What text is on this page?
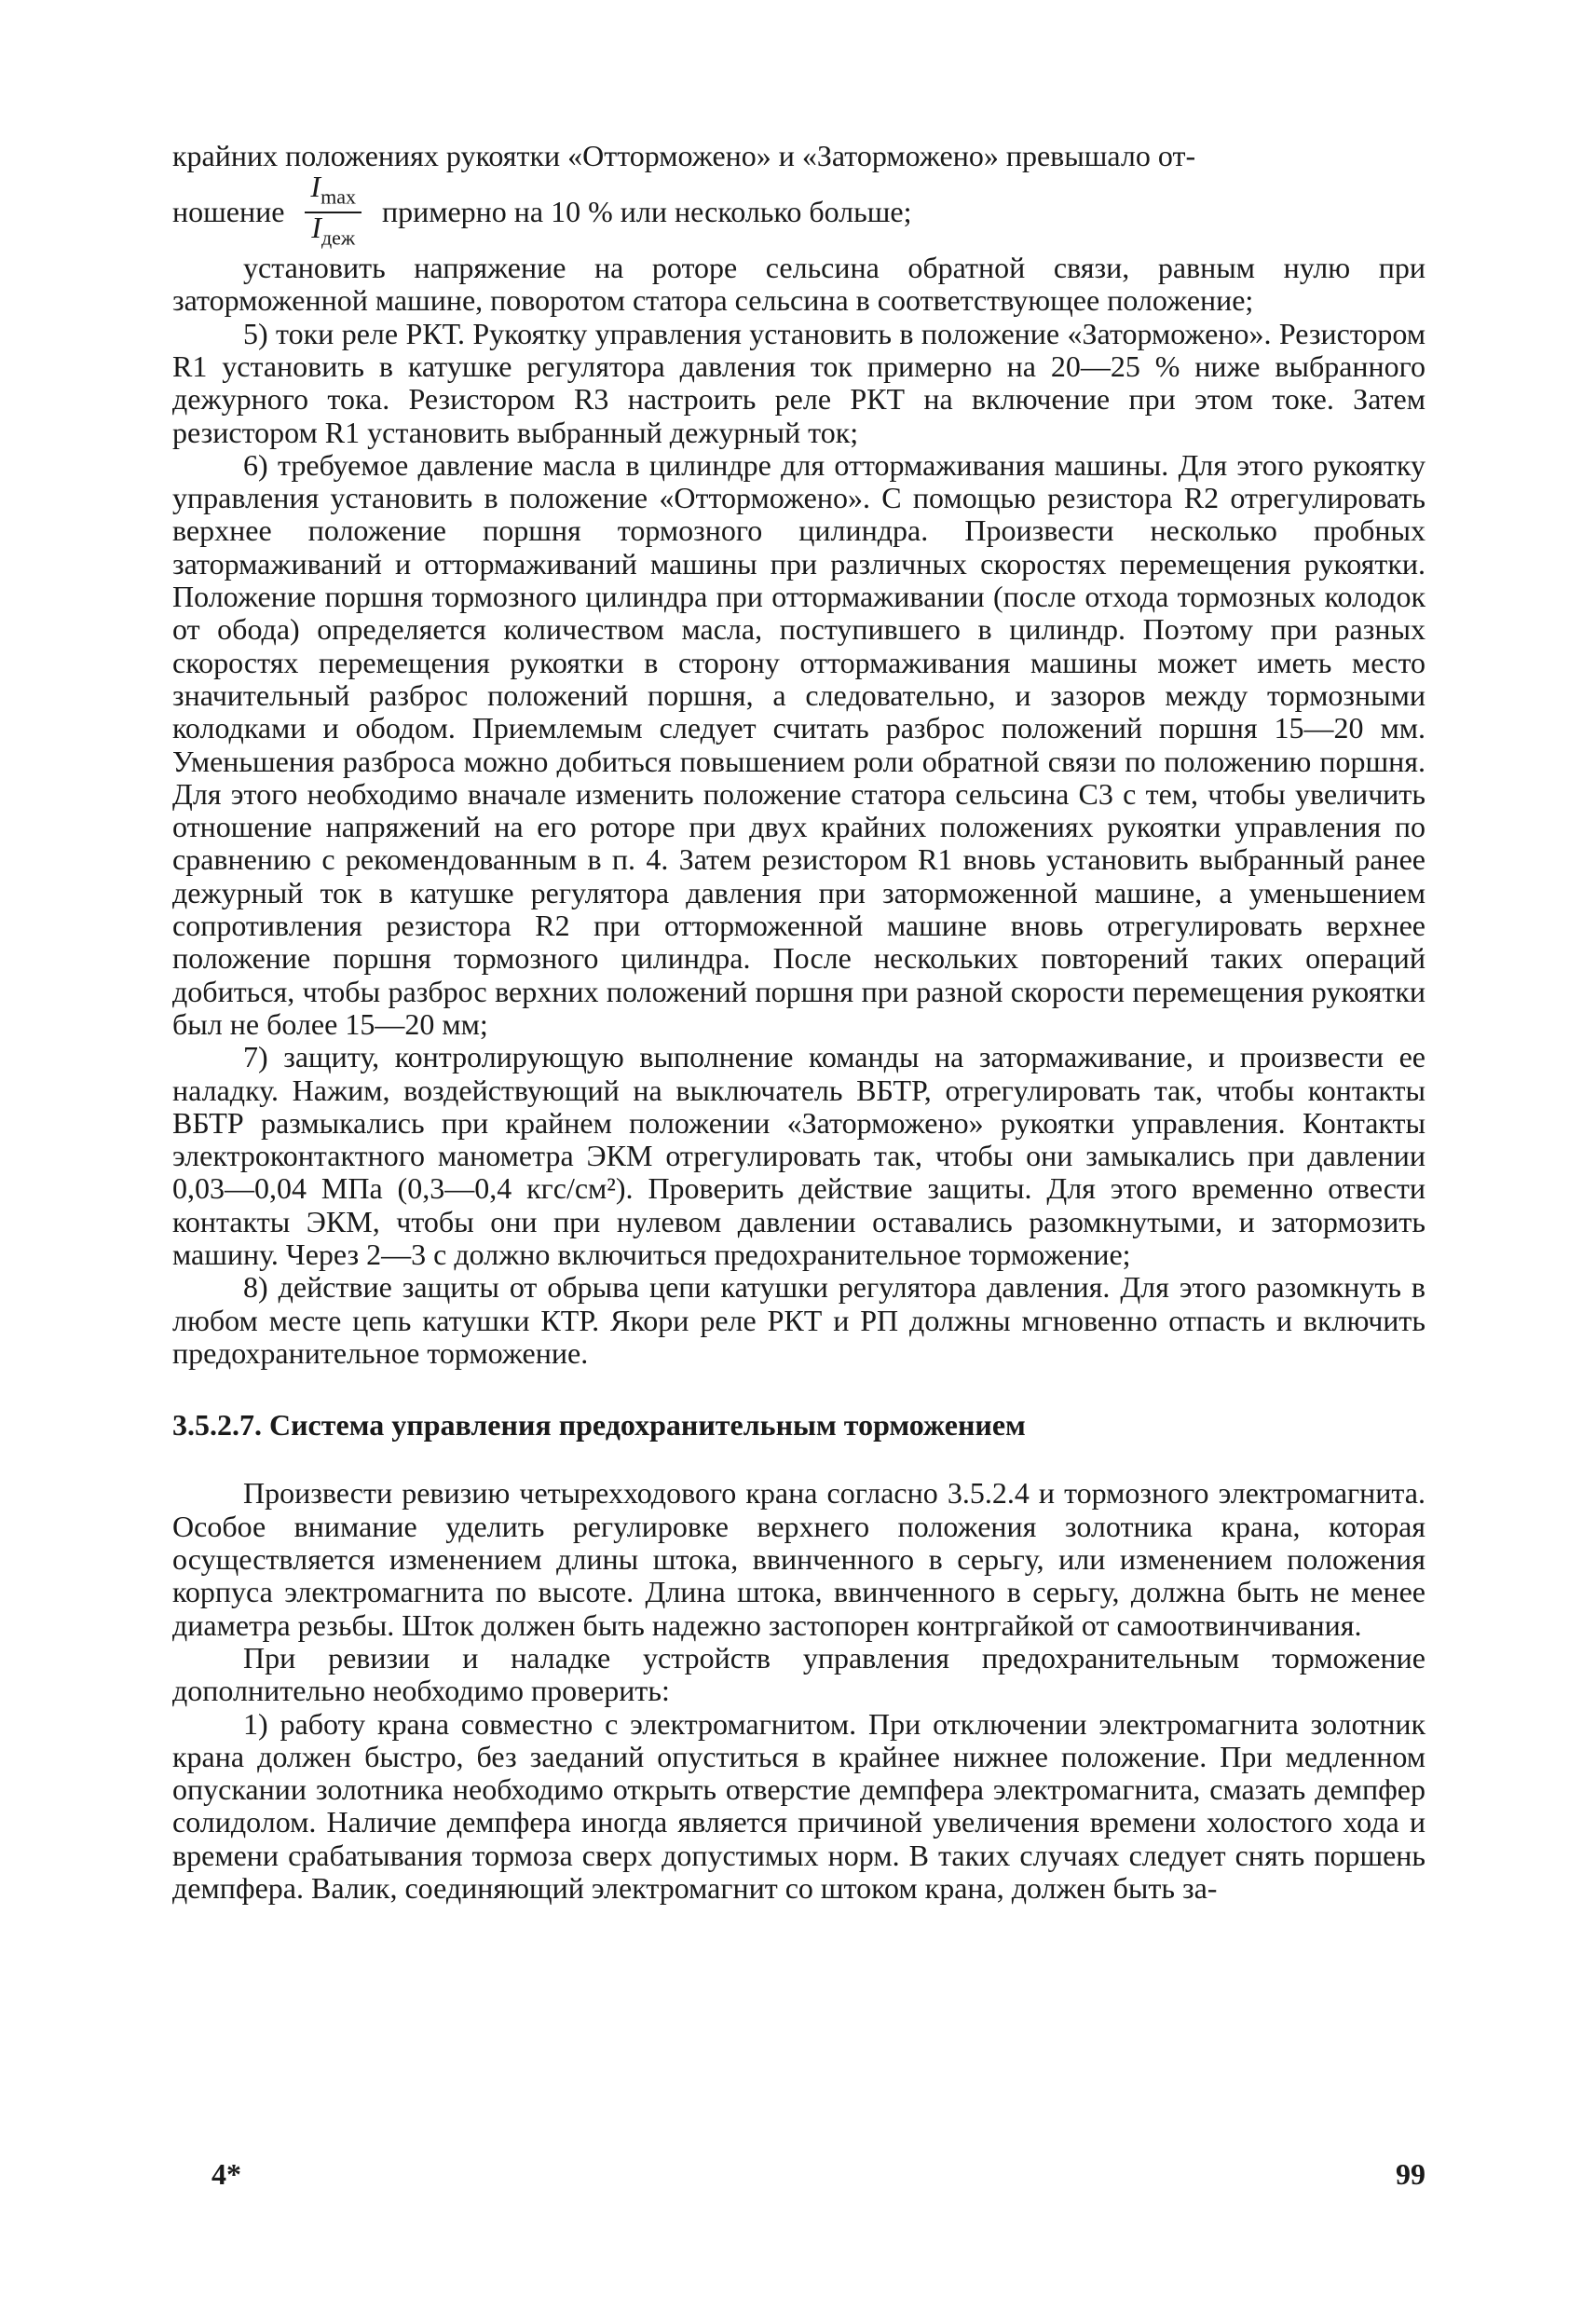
крайних положениях рукоятки «Отторможено» и «Заторможено» превышало от-

ношение $\frac{I_{max}}{I_{деж}}$ примерно на 10 % или несколько больше;

установить напряжение на роторе сельсина обратной связи, равным нулю при заторможенной машине, поворотом статора сельсина в соответствующее положение;

5) токи реле РКТ. Рукоятку управления установить в положение «Заторможено». Резистором R1 установить в катушке регулятора давления ток примерно на 20—25 % ниже выбранного дежурного тока. Резистором R3 настроить реле РКТ на включение при этом токе. Затем резистором R1 установить выбранный дежурный ток;

6) требуемое давление масла в цилиндре для оттормаживания машины. Для этого рукоятку управления установить в положение «Отторможено». С помощью резистора R2 отрегулировать верхнее положение поршня тормозного цилиндра. Произвести несколько пробных затормаживаний и оттормаживаний машины при различных скоростях перемещения рукоятки. Положение поршня тормозного цилиндра при оттормаживании (после отхода тормозных колодок от обода) определяется количеством масла, поступившего в цилиндр. Поэтому при разных скоростях перемещения рукоятки в сторону оттормаживания машины может иметь место значительный разброс положений поршня, а следовательно, и зазоров между тормозными колодками и ободом. Приемлемым следует считать разброс положений поршня 15—20 мм. Уменьшения разброса можно добиться повышением роли обратной связи по положению поршня. Для этого необходимо вначале изменить положение статора сельсина С3 с тем, чтобы увеличить отношение напряжений на его роторе при двух крайних положениях рукоятки управления по сравнению с рекомендованным в п. 4. Затем резистором R1 вновь установить выбранный ранее дежурный ток в катушке регулятора давления при заторможенной машине, а уменьшением сопротивления резистора R2 при отторможенной машине вновь отрегулировать верхнее положение поршня тормозного цилиндра. После нескольких повторений таких операций добиться, чтобы разброс верхних положений поршня при разной скорости перемещения рукоятки был не более 15—20 мм;

7) защиту, контролирующую выполнение команды на затормаживание, и произвести ее наладку. Нажим, воздействующий на выключатель ВБТР, отрегулировать так, чтобы контакты ВБТР размыкались при крайнем положении «Заторможено» рукоятки управления. Контакты электроконтактного манометра ЭКМ отрегулировать так, чтобы они замыкались при давлении 0,03—0,04 МПа (0,3—0,4 кгс/см²). Проверить действие защиты. Для этого временно отвести контакты ЭКМ, чтобы они при нулевом давлении оставались разомкнутыми, и затормозить машину. Через 2—3 с должно включиться предохранительное торможение;

8) действие защиты от обрыва цепи катушки регулятора давления. Для этого разомкнуть в любом месте цепь катушки КТР. Якори реле РКТ и РП должны мгновенно отпасть и включить предохранительное торможение.

3.5.2.7. Система управления предохранительным торможением

Произвести ревизию четырехходового крана согласно 3.5.2.4 и тормозного электромагнита. Особое внимание уделить регулировке верхнего положения золотника крана, которая осуществляется изменением длины штока, ввинченного в серьгу, или изменением положения корпуса электромагнита по высоте. Длина штока, ввинченного в серьгу, должна быть не менее диаметра резьбы. Шток должен быть надежно застопорен контргайкой от самоотвинчивания.

При ревизии и наладке устройств управления предохранительным торможение дополнительно необходимо проверить:

1) работу крана совместно с электромагнитом. При отключении электромагнита золотник крана должен быстро, без заеданий опуститься в крайнее нижнее положение. При медленном опускании золотника необходимо открыть отверстие демпфера электромагнита, смазать демпфер солидолом. Наличие демпфера иногда является причиной увеличения времени холостого хода и времени срабатывания тормоза сверх допустимых норм. В таких случаях следует снять поршень демпфера. Валик, соединяющий электромагнит со штоком крана, должен быть за-

4*	99
